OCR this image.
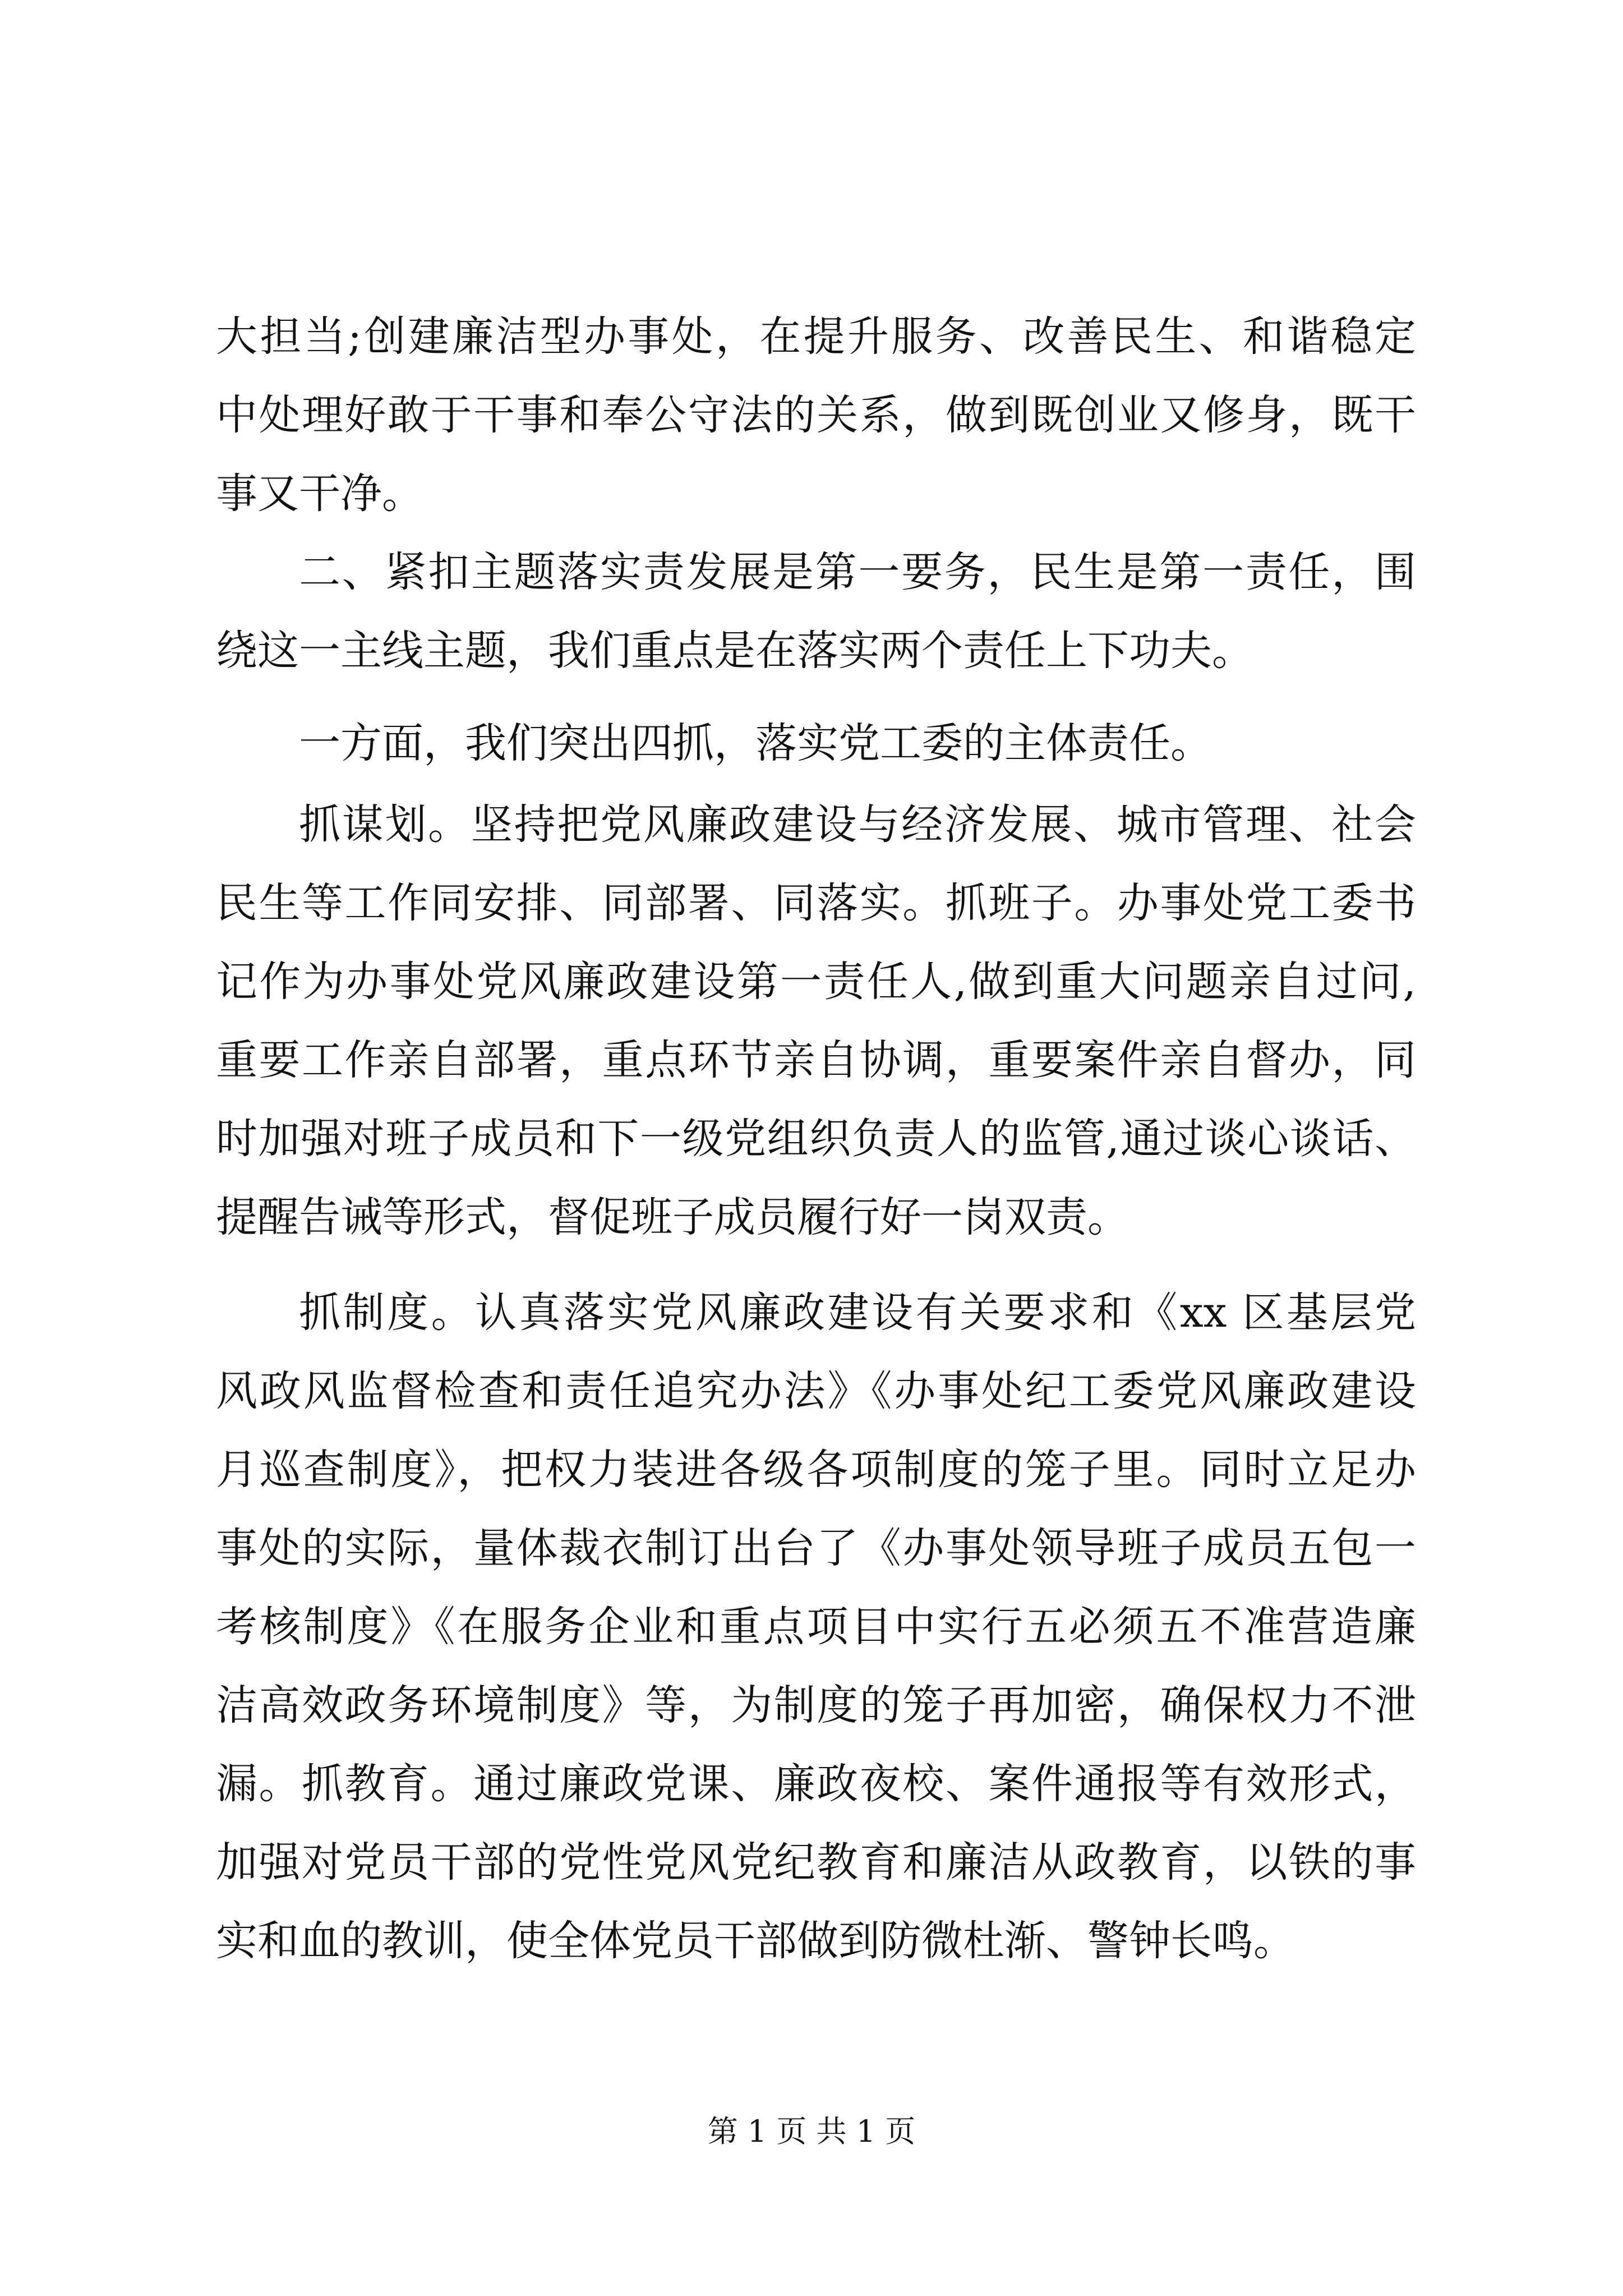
大担当;创建廉洁型办事处，在提升服务、改善民生、和谐稳定
中处理好敢于干事和奉公守法的关系，做到既创业又修身，既干
事又干净。
二、紧扣主题落实责发展是第一要务，民生是第一责任，围
绕这一主线主题，我们重点是在落实两个责任上下功夫。
一方面，我们突出四抓，落实党工委的主体责任。
抓谋划。坚持把党风廉政建设与经济发展、城市管理、社会
民生等工作同安排、同部署、同落实。抓班子。办事处党工委书
记作为办事处党风廉政建设第一责任人,做到重大问题亲自过问,
重要工作亲自部署，重点环节亲自协调，重要案件亲自督办，同
时加强对班子成员和下一级党组织负责人的监管,通过谈心谈话、
提醒告诫等形式，督促班子成员履行好一岗双责。
抓制度。认真落实党风廉政建设有关要求和《xx 区基层党
风政风监督检查和责任追究办法》《办事处纪工委党风廉政建设
月巡查制度》，把权力装进各级各项制度的笼子里。同时立足办
事处的实际，量体裁衣制订出台了《办事处领导班子成员五包一
考核制度》《在服务企业和重点项目中实行五必须五不准营造廉
洁高效政务环境制度》等，为制度的笼子再加密，确保权力不泄
漏。抓教育。通过廉政党课、廉政夜校、案件通报等有效形式，
加强对党员干部的党性党风党纪教育和廉洁从政教育，以铁的事
实和血的教训，使全体党员干部做到防微杜渐、警钟长鸣。
第 1 页 共 1 页
